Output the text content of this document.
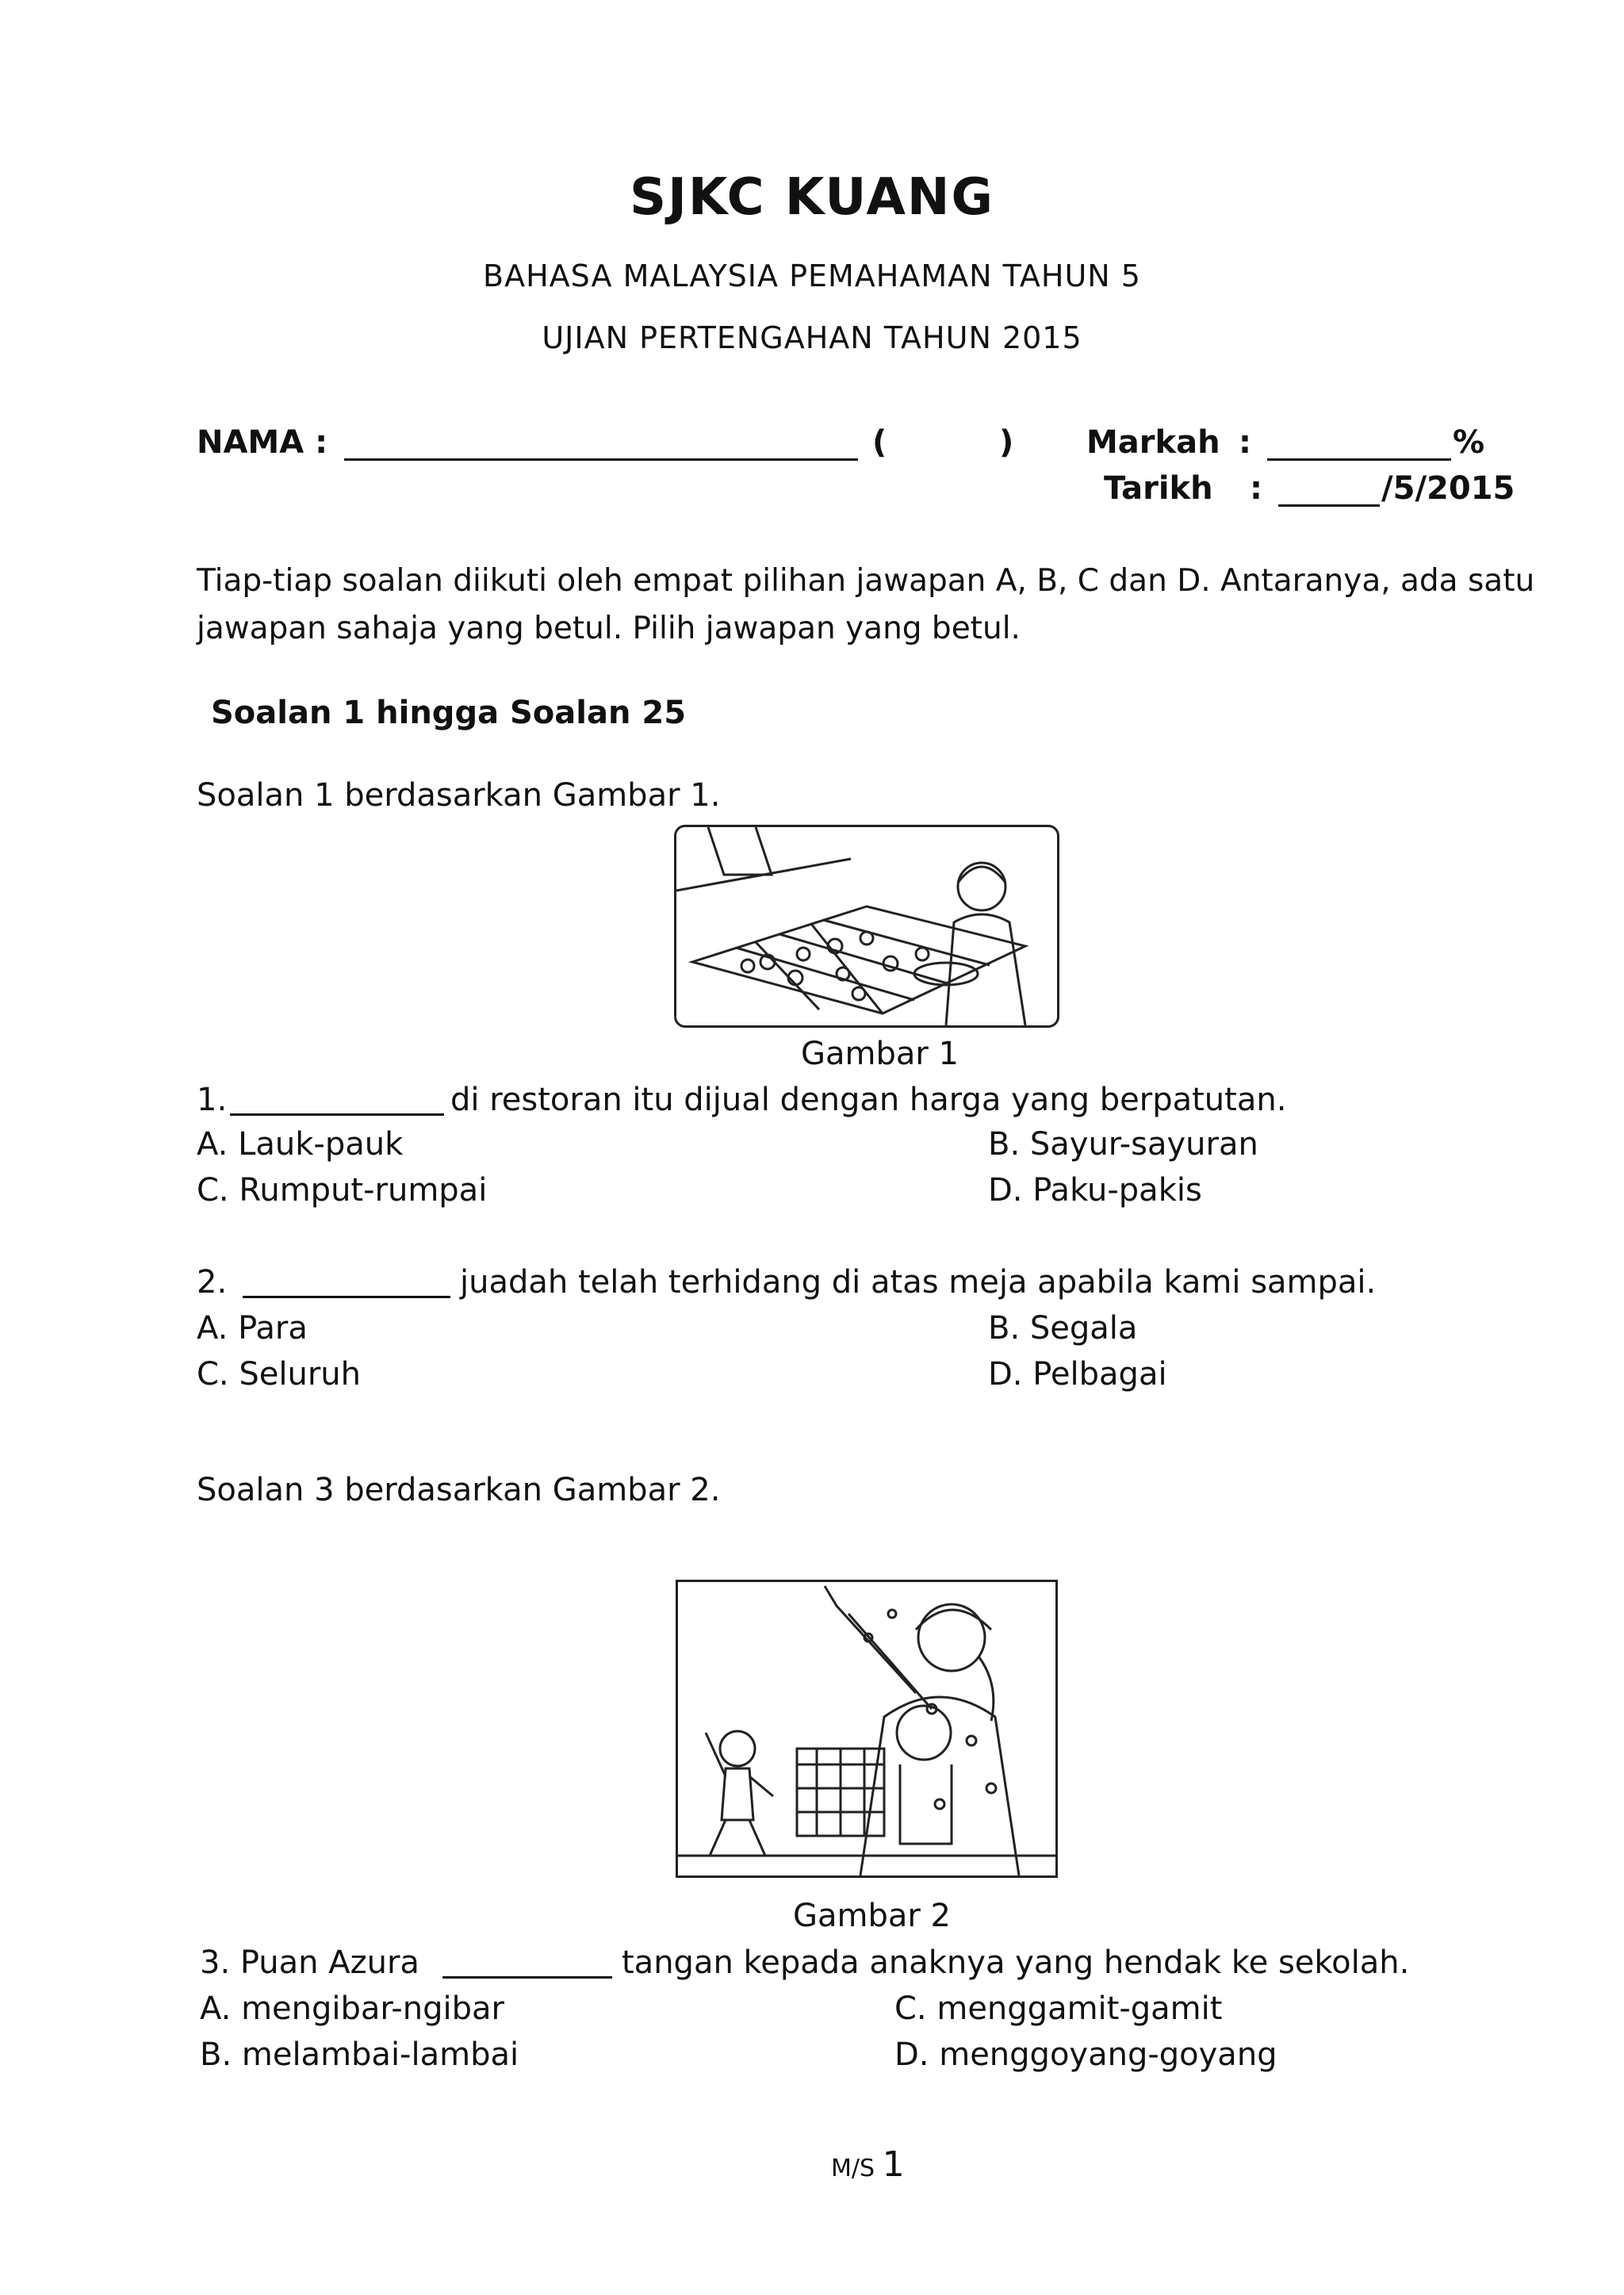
SJKC KUANG
BAHASA MALAYSIA PEMAHAMAN TAHUN 5
UJIAN PERTENGAHAN TAHUN 2015
NAMA :	(	) Markah :	%
Tarikh :	/5/2015
Tiap-tiap soalan diikuti oleh empat pilihan jawapan A, B, C dan D. Antaranya, ada satu
jawapan sahaja yang betul. Pilih jawapan yang betul.
Soalan 1 hingga Soalan 25
Soalan 1 berdasarkan Gambar 1.
Gambar 1
1.	di restoran itu dijual dengan harga yang berpatutan.
A. Lauk-pauk	B. Sayur-sayuran
C. Rumput-rumpai	D. Paku-pakis
2.	juadah telah terhidang di atas meja apabila kami sampai.
A. Para	B. Segala
C. Seluruh	D. Pelbagai
Soalan 3 berdasarkan Gambar 2.
Gambar 2
3. Puan Azura	tangan kepada anaknya yang hendak ke sekolah.
A. mengibar-ngibar	C. menggamit-gamit
B. melambai-lambai	D. menggoyang-goyang
M/S 1
